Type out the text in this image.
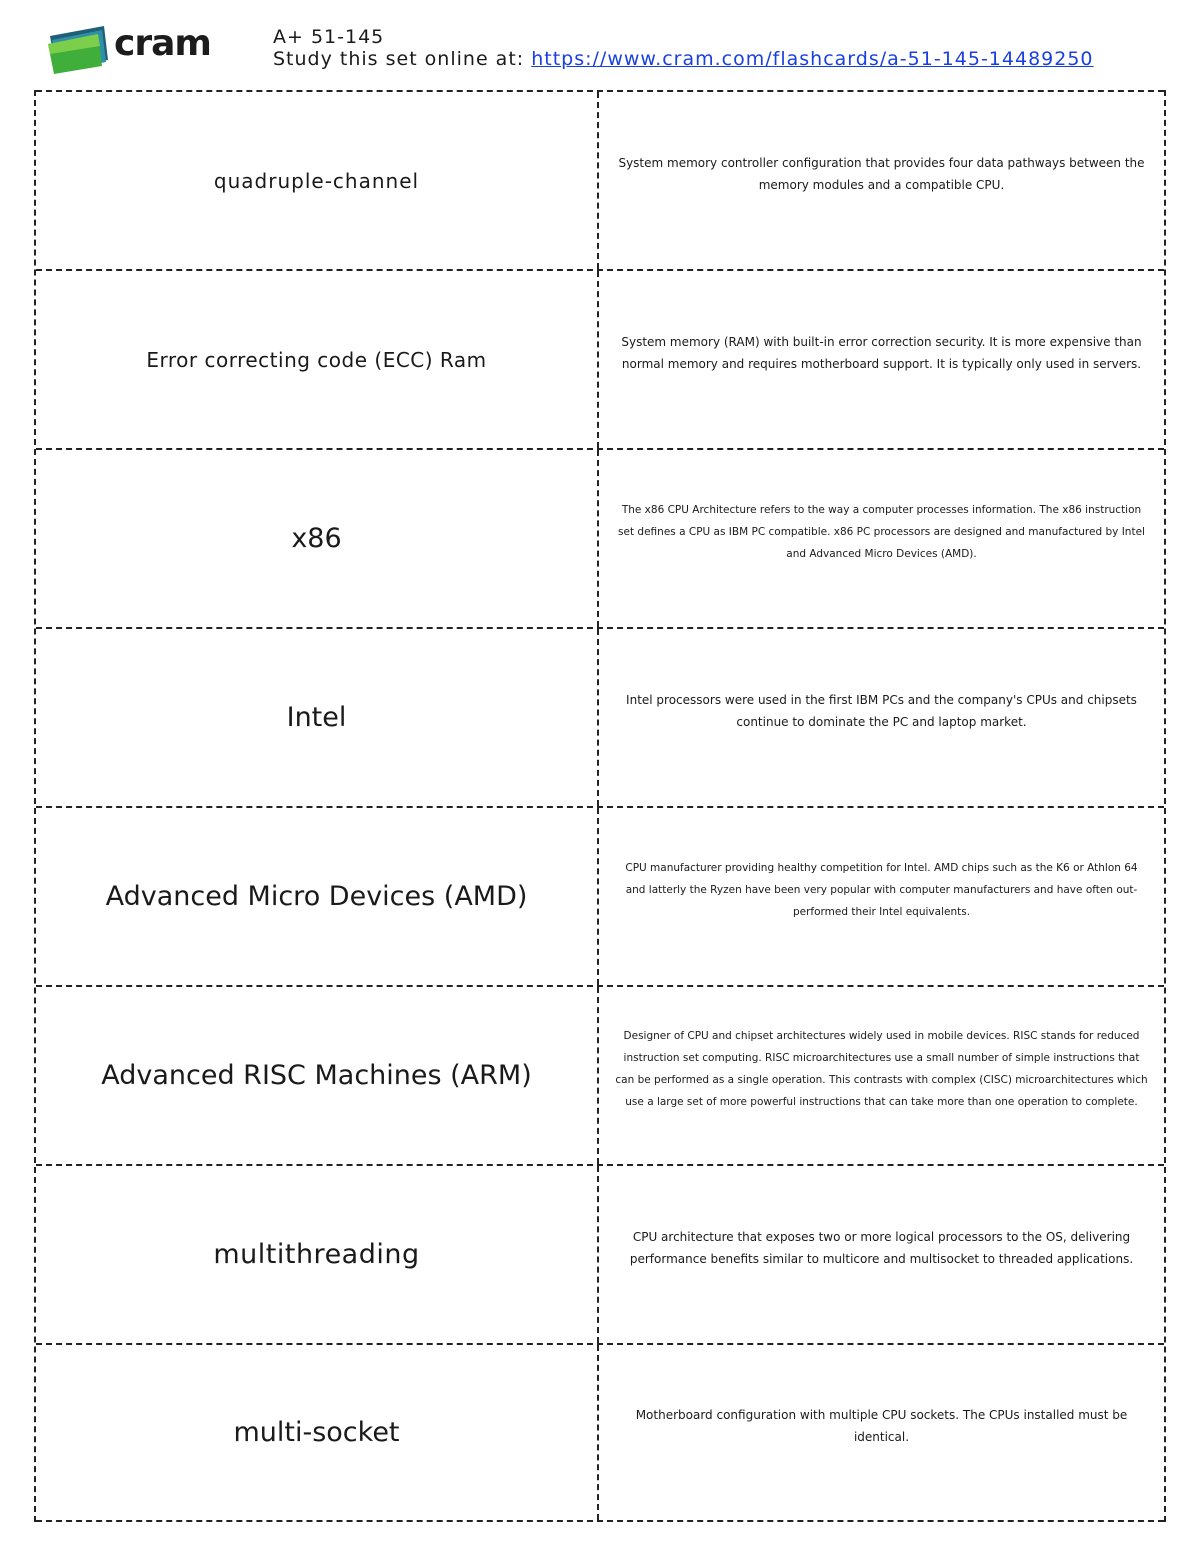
cram	A+ 51-145
Study this set online at: https://www.cram.com/flashcards/a-51-145-14489250
quadruple-channel
System memory controller configuration that provides four data pathways between the memory modules and a compatible CPU.
Error correcting code (ECC) Ram
System memory (RAM) with built-in error correction security. It is more expensive than normal memory and requires motherboard support. It is typically only used in servers.
x86
The x86 CPU Architecture refers to the way a computer processes information. The x86 instruction set defines a CPU as IBM PC compatible. x86 PC processors are designed and manufactured by Intel and Advanced Micro Devices (AMD).
Intel
Intel processors were used in the first IBM PCs and the company's CPUs and chipsets continue to dominate the PC and laptop market.
Advanced Micro Devices (AMD)
CPU manufacturer providing healthy competition for Intel. AMD chips such as the K6 or Athlon 64 and latterly the Ryzen have been very popular with computer manufacturers and have often out-performed their Intel equivalents.
Advanced RISC Machines (ARM)
Designer of CPU and chipset architectures widely used in mobile devices. RISC stands for reduced instruction set computing. RISC microarchitectures use a small number of simple instructions that can be performed as a single operation. This contrasts with complex (CISC) microarchitectures which use a large set of more powerful instructions that can take more than one operation to complete.
multithreading
CPU architecture that exposes two or more logical processors to the OS, delivering performance benefits similar to multicore and multisocket to threaded applications.
multi-socket
Motherboard configuration with multiple CPU sockets. The CPUs installed must be identical.
